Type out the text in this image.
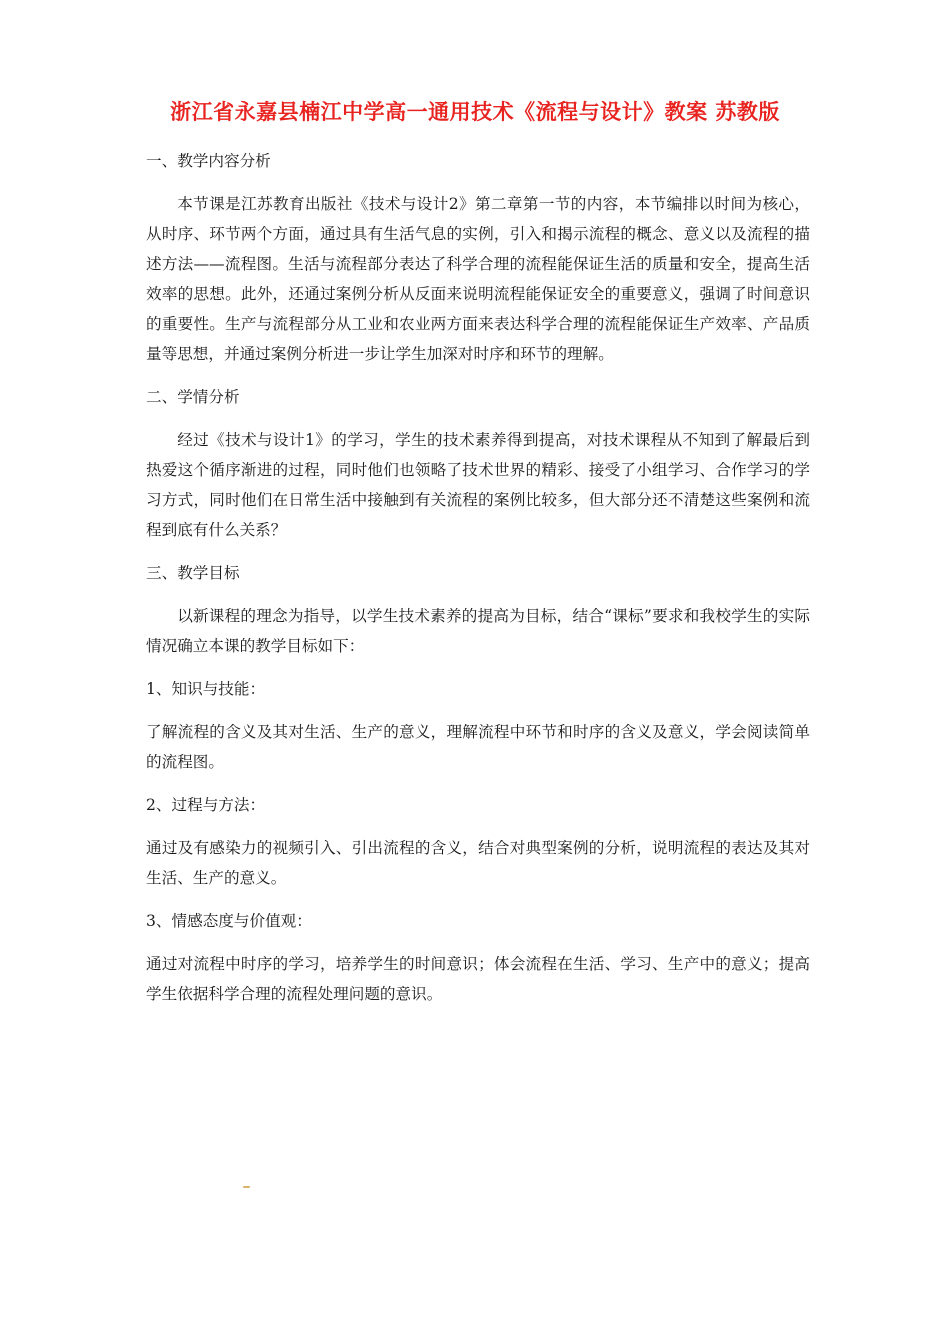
浙江省永嘉县楠江中学高一通用技术《流程与设计》教案 苏教版

一、教学内容分析

本节课是江苏教育出版社《技术与设计2》第二章第一节的内容，本节编排以时间为核心，从时序、环节两个方面，通过具有生活气息的实例，引入和揭示流程的概念、意义以及流程的描述方法——流程图。生活与流程部分表达了科学合理的流程能保证生活的质量和安全，提高生活效率的思想。此外，还通过案例分析从反面来说明流程能保证安全的重要意义，强调了时间意识的重要性。生产与流程部分从工业和农业两方面来表达科学合理的流程能保证生产效率、产品质量等思想，并通过案例分析进一步让学生加深对时序和环节的理解。

二、学情分析

经过《技术与设计1》的学习，学生的技术素养得到提高，对技术课程从不知到了解最后到热爱这个循序渐进的过程，同时他们也领略了技术世界的精彩、接受了小组学习、合作学习的学习方式，同时他们在日常生活中接触到有关流程的案例比较多，但大部分还不清楚这些案例和流程到底有什么关系？

三、教学目标

以新课程的理念为指导，以学生技术素养的提高为目标，结合“课标”要求和我校学生的实际情况确立本课的教学目标如下：

1、知识与技能：

了解流程的含义及其对生活、生产的意义，理解流程中环节和时序的含义及意义，学会阅读简单的流程图。

2、过程与方法：

通过及有感染力的视频引入、引出流程的含义，结合对典型案例的分析，说明流程的表达及其对生活、生产的意义。

3、情感态度与价值观：

通过对流程中时序的学习，培养学生的时间意识；体会流程在生活、学习、生产中的意义；提高学生依据科学合理的流程处理问题的意识。
